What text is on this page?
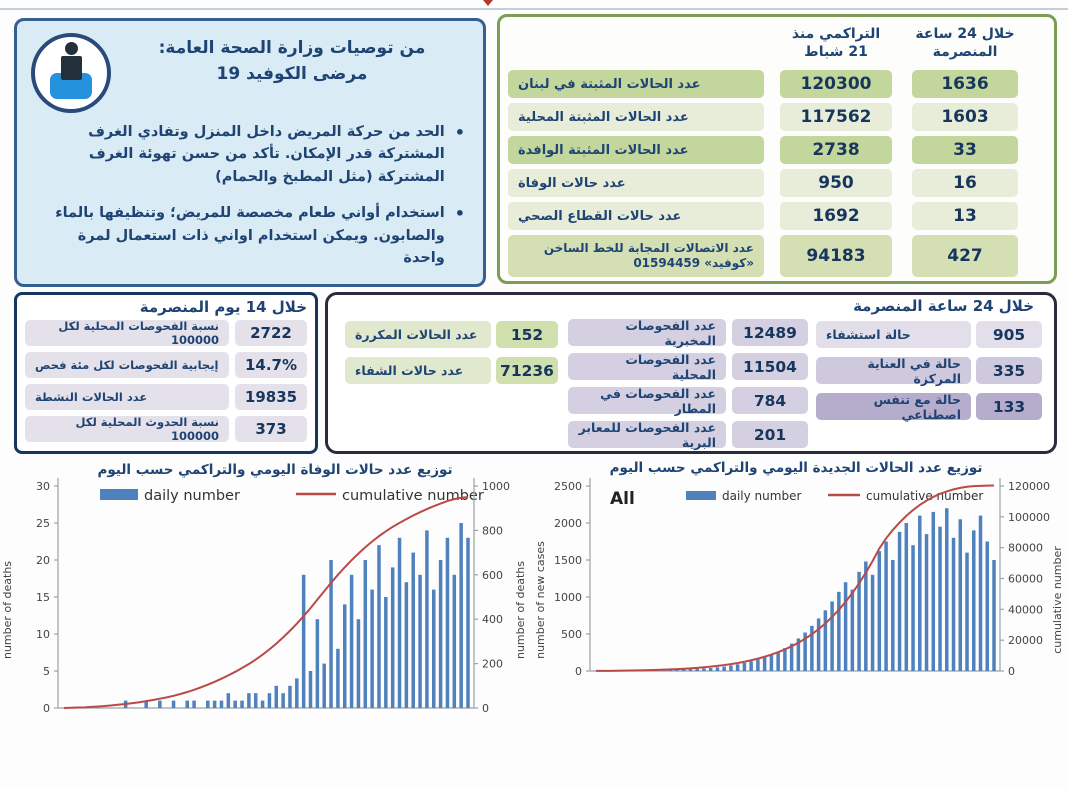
من توصيات وزارة الصحة العامة:
مرضى الكوفيد 19
•
الحد من حركة المريض داخل المنزل وتفادي الغرف المشتركة قدر الإمكان. تأكد من حسن تهوئة الغرف المشتركة (مثل المطبخ والحمام)
•
استخدام أواني طعام مخصصة للمريض؛ وتنظيفها بالماء والصابون. ويمكن استخدام اواني ذات استعمال لمرة واحدة
التراكمي منذ 21 شباط
خلال 24 ساعة المنصرمة
عدد الحالات المثبتة في لبنان	120300	1636
عدد الحالات المثبتة المحلية	117562	1603
عدد الحالات المثبتة الوافدة	2738	33
عدد حالات الوفاة	950	16
عدد حالات القطاع الصحي	1692	13
عدد الاتصالات المجابة للخط الساخن «كوفيد» 01594459	94183	427
خلال 14 يوم المنصرمة
نسبة الفحوصات المحلية لكل 100000	2722
إيجابية الفحوصات لكل مئة فحص	14.7%
عدد الحالات النشطة	19835
نسبة الحدوث المحلية لكل 100000	373
خلال 24 ساعة المنصرمة
عدد الحالات المكررة	152
عدد حالات الشفاء	71236
عدد الفحوصات المخبرية	12489
عدد الفحوصات المحلية	11504
عدد الفحوصات في المطار	784
عدد الفحوصات للمعابر البرية	201
حالة استشفاء	905
حالة في العناية المركزة	335
حالة مع تنفس اصطناعي	133
توزيع عدد حالات الوفاة اليومي والتراكمي حسب اليوم
daily number	cumulative number
number of deaths	number of deaths
30
25
20
15
10
5
0
1000
800
600
400
200
0
توزيع عدد الحالات الجديدة اليومي والتراكمي حسب اليوم
All	daily number	cumulative number
number of new cases	cumulative number
2500
2000
1500
1000
500
0
120000
100000
80000
60000
40000
20000
0
